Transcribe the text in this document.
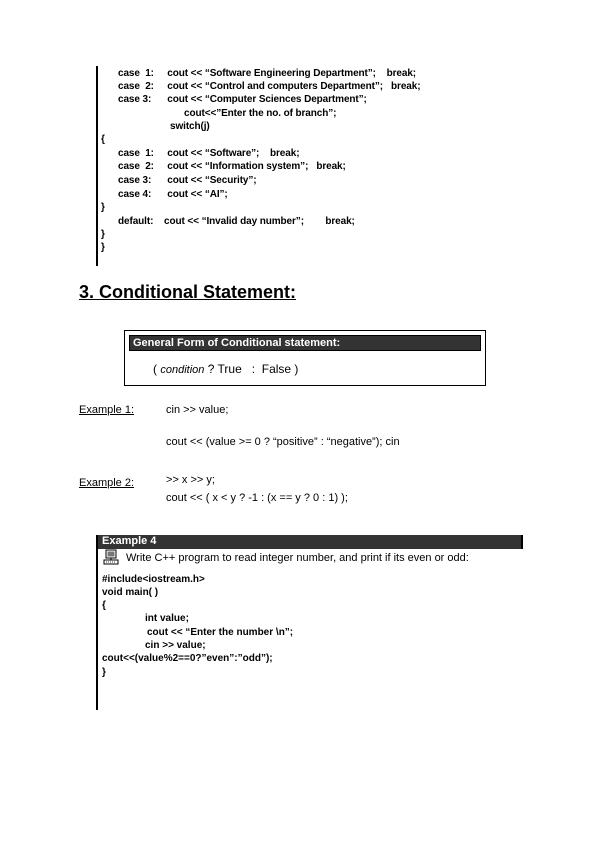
case  1:     cout << “Software Engineering Department”;    break;
case  2:     cout << “Control and computers Department”;   break;
case 3:      cout << “Computer Sciences Department”;
cout<<”Enter the no. of branch”;
switch(j)
{
case  1:     cout << “Software”;    break;
case  2:     cout << “Information system”;   break;
case 3:      cout << “Security”;
case 4:      cout << “AI”;
}
default:    cout << “Invalid day number”;        break;
}
}
3. Conditional Statement:
General Form of Conditional statement:
( condition ? True   :  False )
Example 1:	cin >> value;
cout << (value >= 0 ? “positive” : “negative”); cin
Example 2:	>> x >> y;
cout << ( x < y ? -1 : (x == y ? 0 : 1) );
Example 4
Write C++ program to read integer number, and print if its even or odd:
#include<iostream.h>
void main( )
{
int value;
cout << “Enter the number \n”;
cin >> value;
cout<<(value%2==0?”even”:”odd”);
}
